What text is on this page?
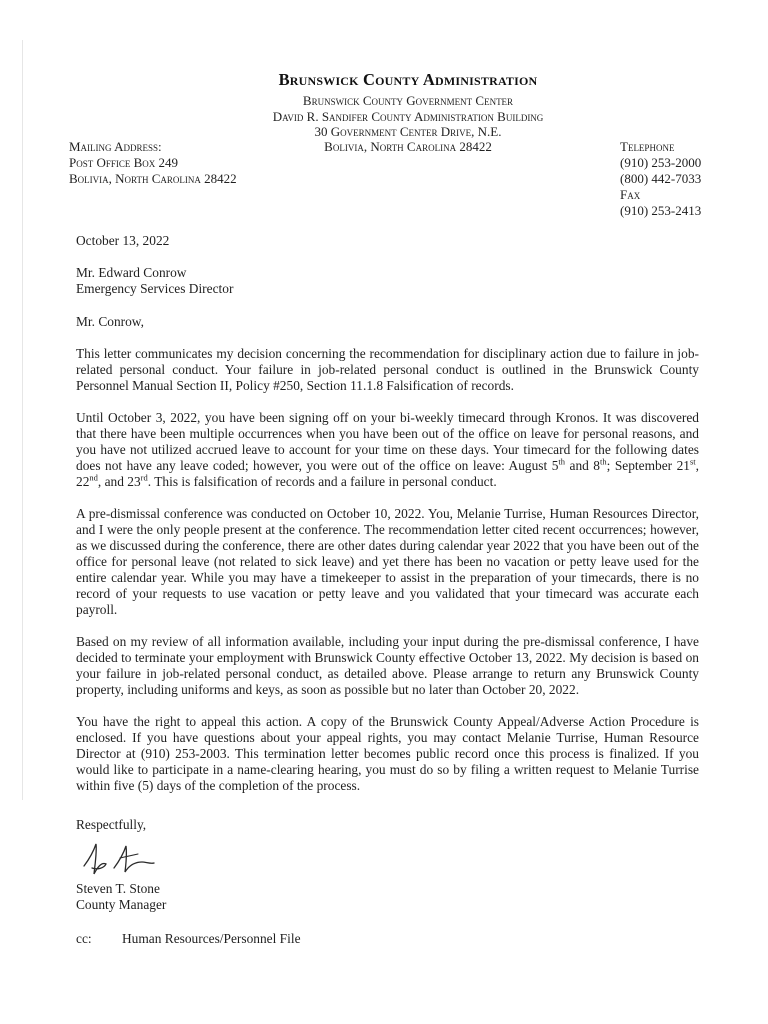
Brunswick County Administration
Brunswick County Government Center
David R. Sandifer County Administration Building
30 Government Center Drive, N.E.
Bolivia, North Carolina 28422
Mailing Address:
Post Office Box 249
Bolivia, North Carolina 28422
Telephone
(910) 253-2000
(800) 442-7033
Fax
(910) 253-2413
October 13, 2022
Mr. Edward Conrow
Emergency Services Director
Mr. Conrow,

This letter communicates my decision concerning the recommendation for disciplinary action due to failure in job-related personal conduct. Your failure in job-related personal conduct is outlined in the Brunswick County Personnel Manual Section II, Policy #250, Section 11.1.8 Falsification of records.

Until October 3, 2022, you have been signing off on your bi-weekly timecard through Kronos. It was discovered that there have been multiple occurrences when you have been out of the office on leave for personal reasons, and you have not utilized accrued leave to account for your time on these days. Your timecard for the following dates does not have any leave coded; however, you were out of the office on leave: August 5th and 8th; September 21st, 22nd, and 23rd. This is falsification of records and a failure in personal conduct.

A pre-dismissal conference was conducted on October 10, 2022. You, Melanie Turrise, Human Resources Director, and I were the only people present at the conference. The recommendation letter cited recent occurrences; however, as we discussed during the conference, there are other dates during calendar year 2022 that you have been out of the office for personal leave (not related to sick leave) and yet there has been no vacation or petty leave used for the entire calendar year. While you may have a timekeeper to assist in the preparation of your timecards, there is no record of your requests to use vacation or petty leave and you validated that your timecard was accurate each payroll.

Based on my review of all information available, including your input during the pre-dismissal conference, I have decided to terminate your employment with Brunswick County effective October 13, 2022. My decision is based on your failure in job-related personal conduct, as detailed above. Please arrange to return any Brunswick County property, including uniforms and keys, as soon as possible but no later than October 20, 2022.

You have the right to appeal this action. A copy of the Brunswick County Appeal/Adverse Action Procedure is enclosed. If you have questions about your appeal rights, you may contact Melanie Turrise, Human Resource Director at (910) 253-2003. This termination letter becomes public record once this process is finalized. If you would like to participate in a name-clearing hearing, you must do so by filing a written request to Melanie Turrise within five (5) days of the completion of the process.

Respectfully,
Steven T. Stone
County Manager
cc: Human Resources/Personnel File
